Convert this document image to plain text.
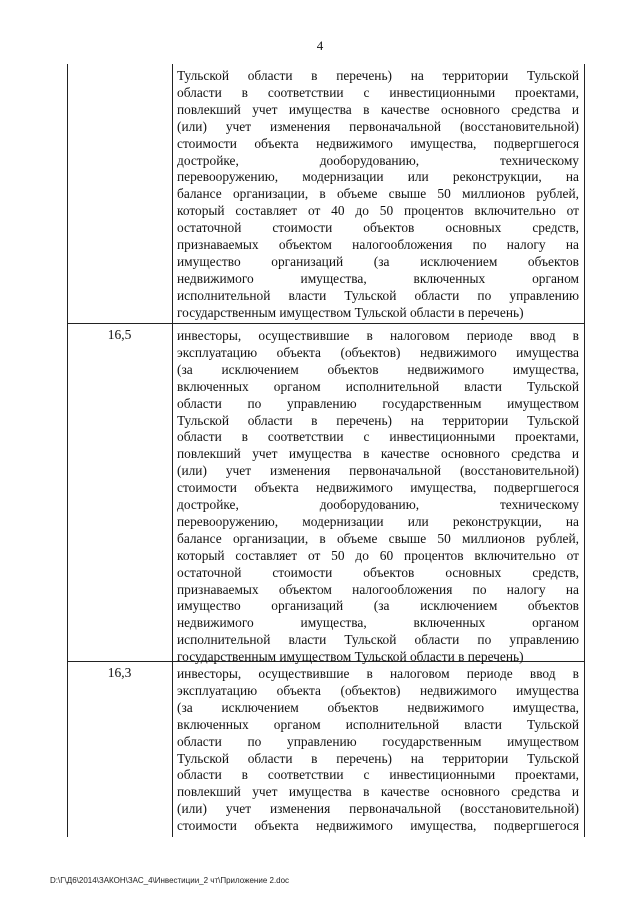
4
Тульской области в перечень) на территории Тульской
области в соответствии с инвестиционными проектами,
повлекший учет имущества в качестве основного средства и
(или) учет изменения первоначальной (восстановительной)
стоимости объекта недвижимого имущества, подвергшегося
достройке, дооборудованию, техническому
перевооружению, модернизации или реконструкции, на
балансе организации, в объеме свыше 50 миллионов рублей,
который составляет от 40 до 50 процентов включительно от
остаточной стоимости объектов основных средств,
признаваемых объектом налогообложения по налогу на
имущество организаций (за исключением объектов
недвижимого имущества, включенных органом
исполнительной власти Тульской области по управлению
государственным имуществом Тульской области в перечень)
16,5	инвесторы, осуществившие в налоговом периоде ввод в
эксплуатацию объекта (объектов) недвижимого имущества
(за исключением объектов недвижимого имущества,
включенных органом исполнительной власти Тульской
области по управлению государственным имуществом
Тульской области в перечень) на территории Тульской
области в соответствии с инвестиционными проектами,
повлекший учет имущества в качестве основного средства и
(или) учет изменения первоначальной (восстановительной)
стоимости объекта недвижимого имущества, подвергшегося
достройке, дооборудованию, техническому
перевооружению, модернизации или реконструкции, на
балансе организации, в объеме свыше 50 миллионов рублей,
который составляет от 50 до 60 процентов включительно от
остаточной стоимости объектов основных средств,
признаваемых объектом налогообложения по налогу на
имущество организаций (за исключением объектов
недвижимого имущества, включенных органом
исполнительной власти Тульской области по управлению
государственным имуществом Тульской области в перечень)
16,3	инвесторы, осуществившие в налоговом периоде ввод в
эксплуатацию объекта (объектов) недвижимого имущества
(за исключением объектов недвижимого имущества,
включенных органом исполнительной власти Тульской
области по управлению государственным имуществом
Тульской области в перечень) на территории Тульской
области в соответствии с инвестиционными проектами,
повлекший учет имущества в качестве основного средства и
(или) учет изменения первоначальной (восстановительной)
стоимости объекта недвижимого имущества, подвергшегося
D:\Г\Д6\2014\ЗАКОН\ЗАС_4\Инвестиции_2 чт\Приложение 2.doc
